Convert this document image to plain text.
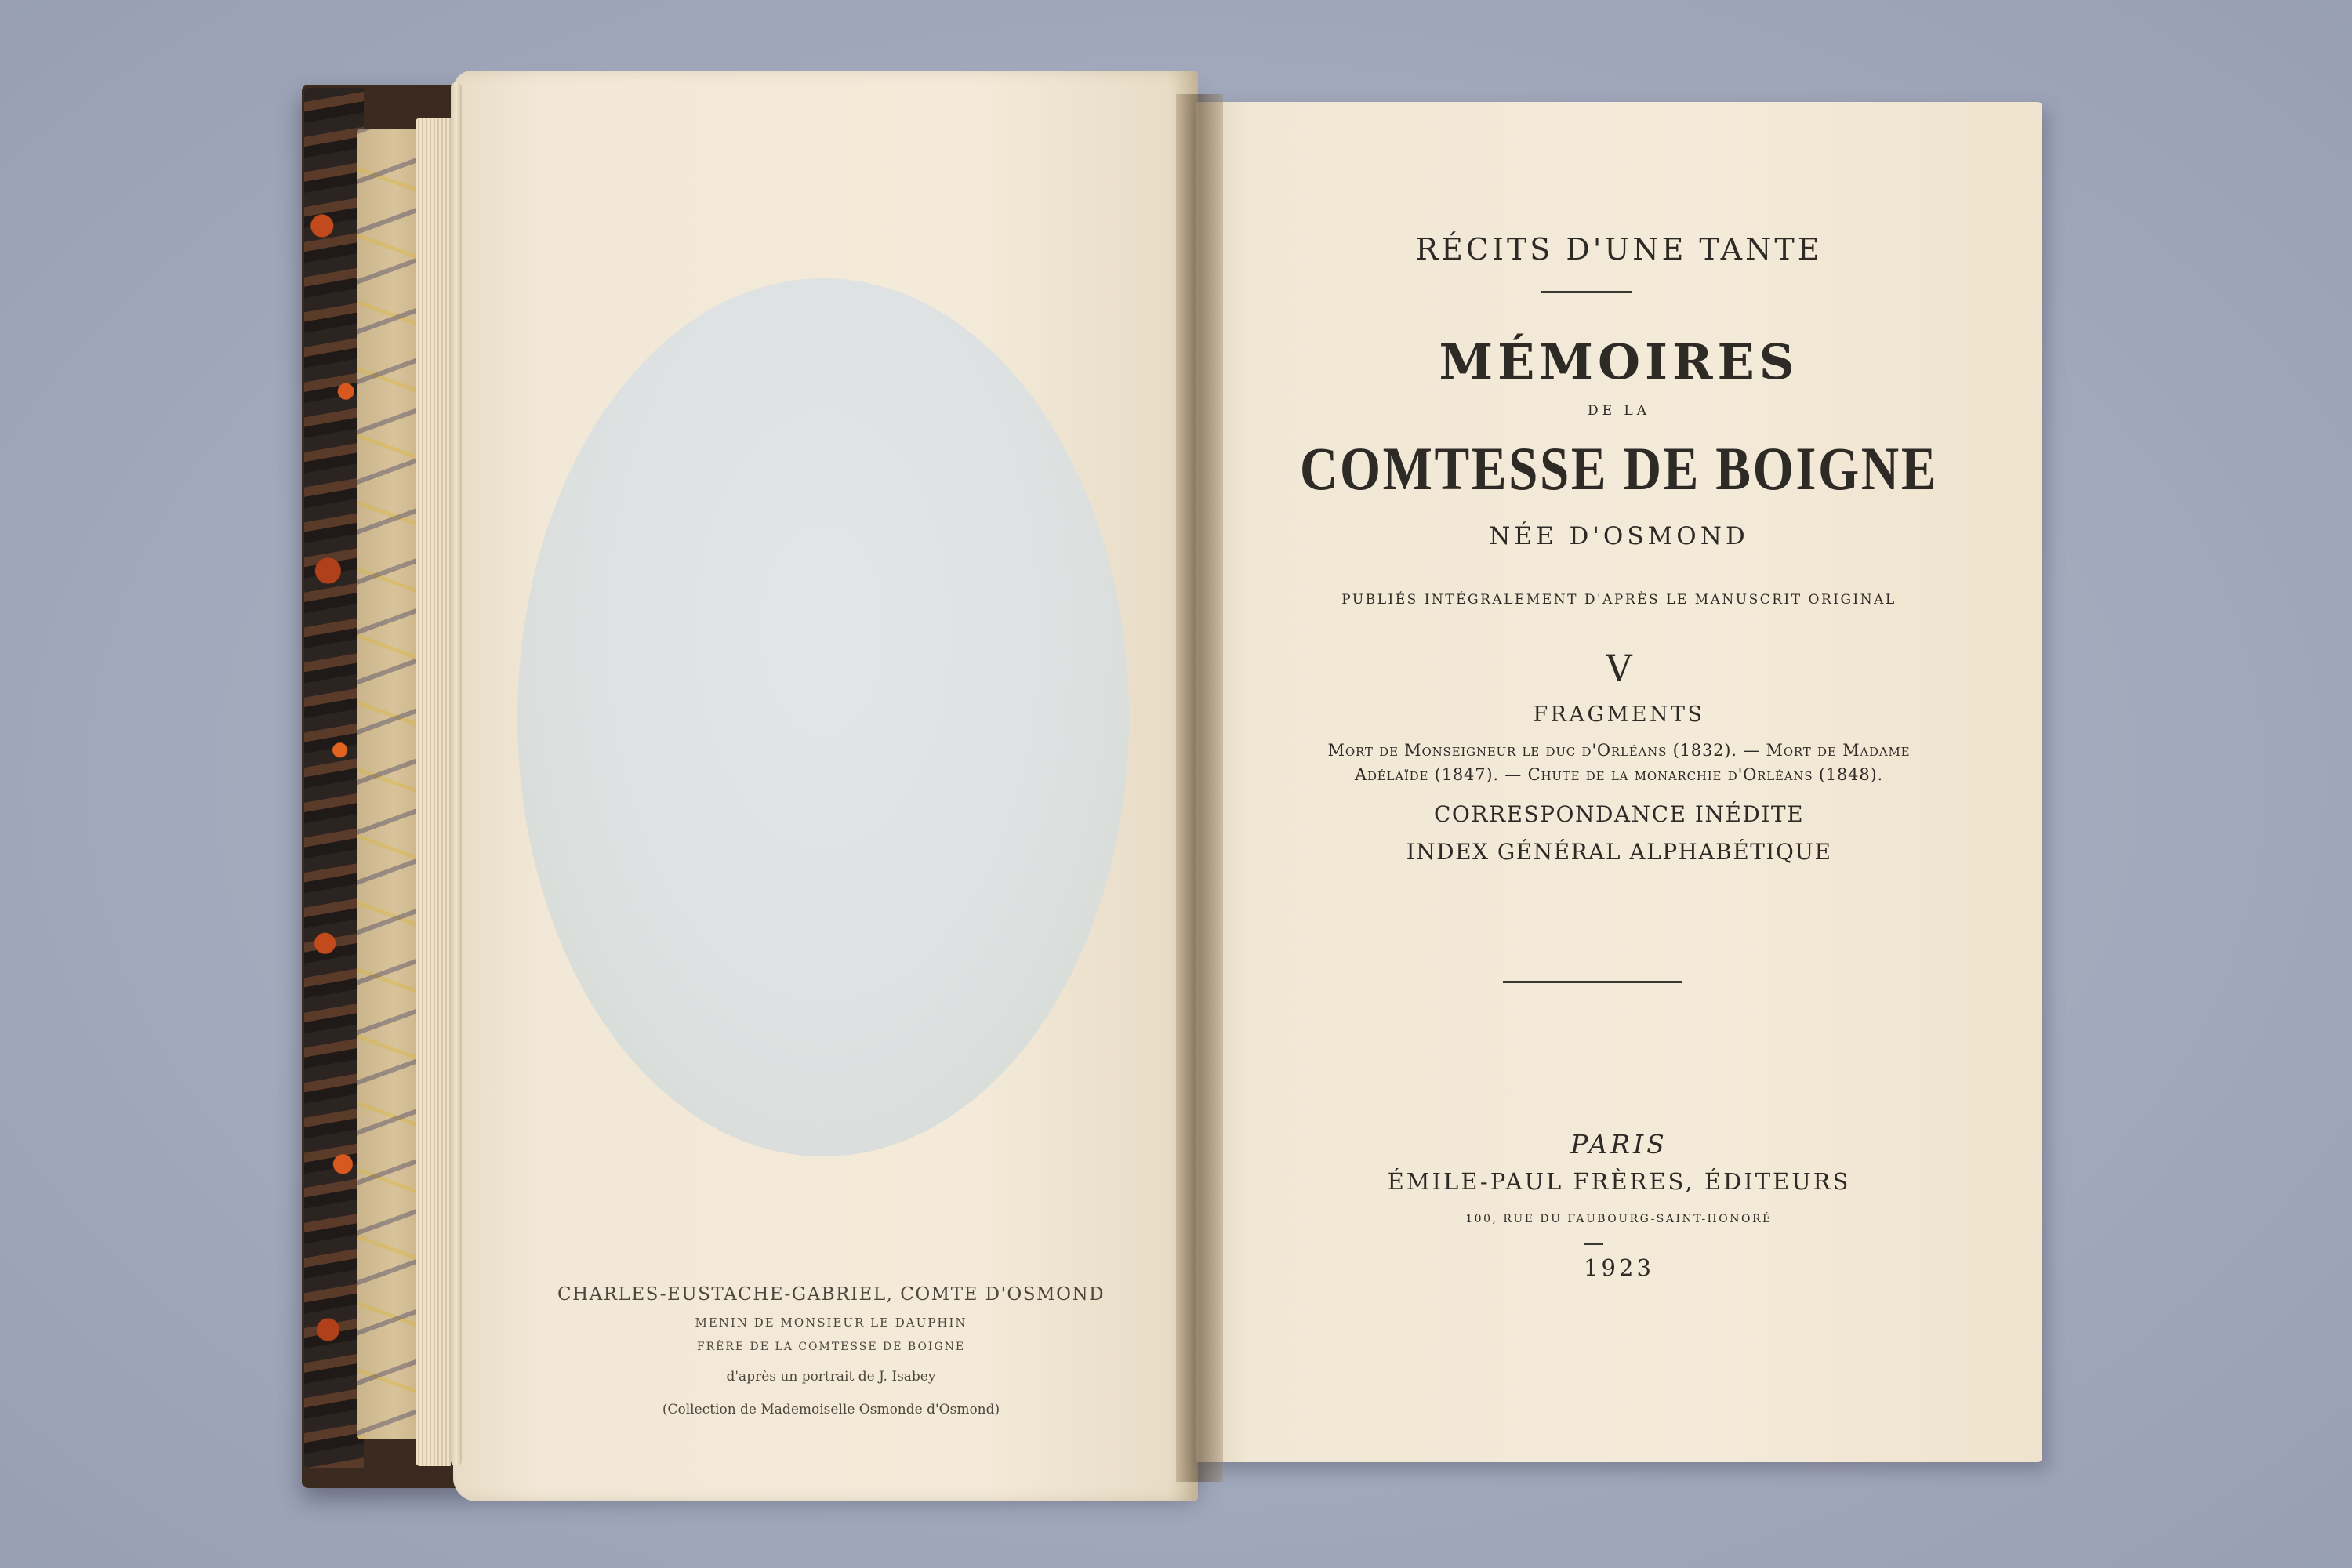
CHARLES-EUSTACHE-GABRIEL, COMTE D'OSMOND
MENIN DE MONSIEUR LE DAUPHIN
FRÈRE DE LA COMTESSE DE BOIGNE
d'après un portrait de J. Isabey
(Collection de Mademoiselle Osmonde d'Osmond)
RÉCITS D'UNE TANTE
MÉMOIRES
DE LA
COMTESSE DE BOIGNE
NÉE D'OSMOND
PUBLIÉS INTÉGRALEMENT D'APRÈS LE MANUSCRIT ORIGINAL
V
FRAGMENTS
Mort de Monseigneur le duc d'Orléans (1832). — Mort de Madame
Adélaïde (1847). — Chute de la monarchie d'Orléans (1848).
CORRESPONDANCE INÉDITE
INDEX GÉNÉRAL ALPHABÉTIQUE
PARIS
ÉMILE-PAUL FRÈRES, ÉDITEURS
100, RUE DU FAUBOURG-SAINT-HONORÉ
1923
